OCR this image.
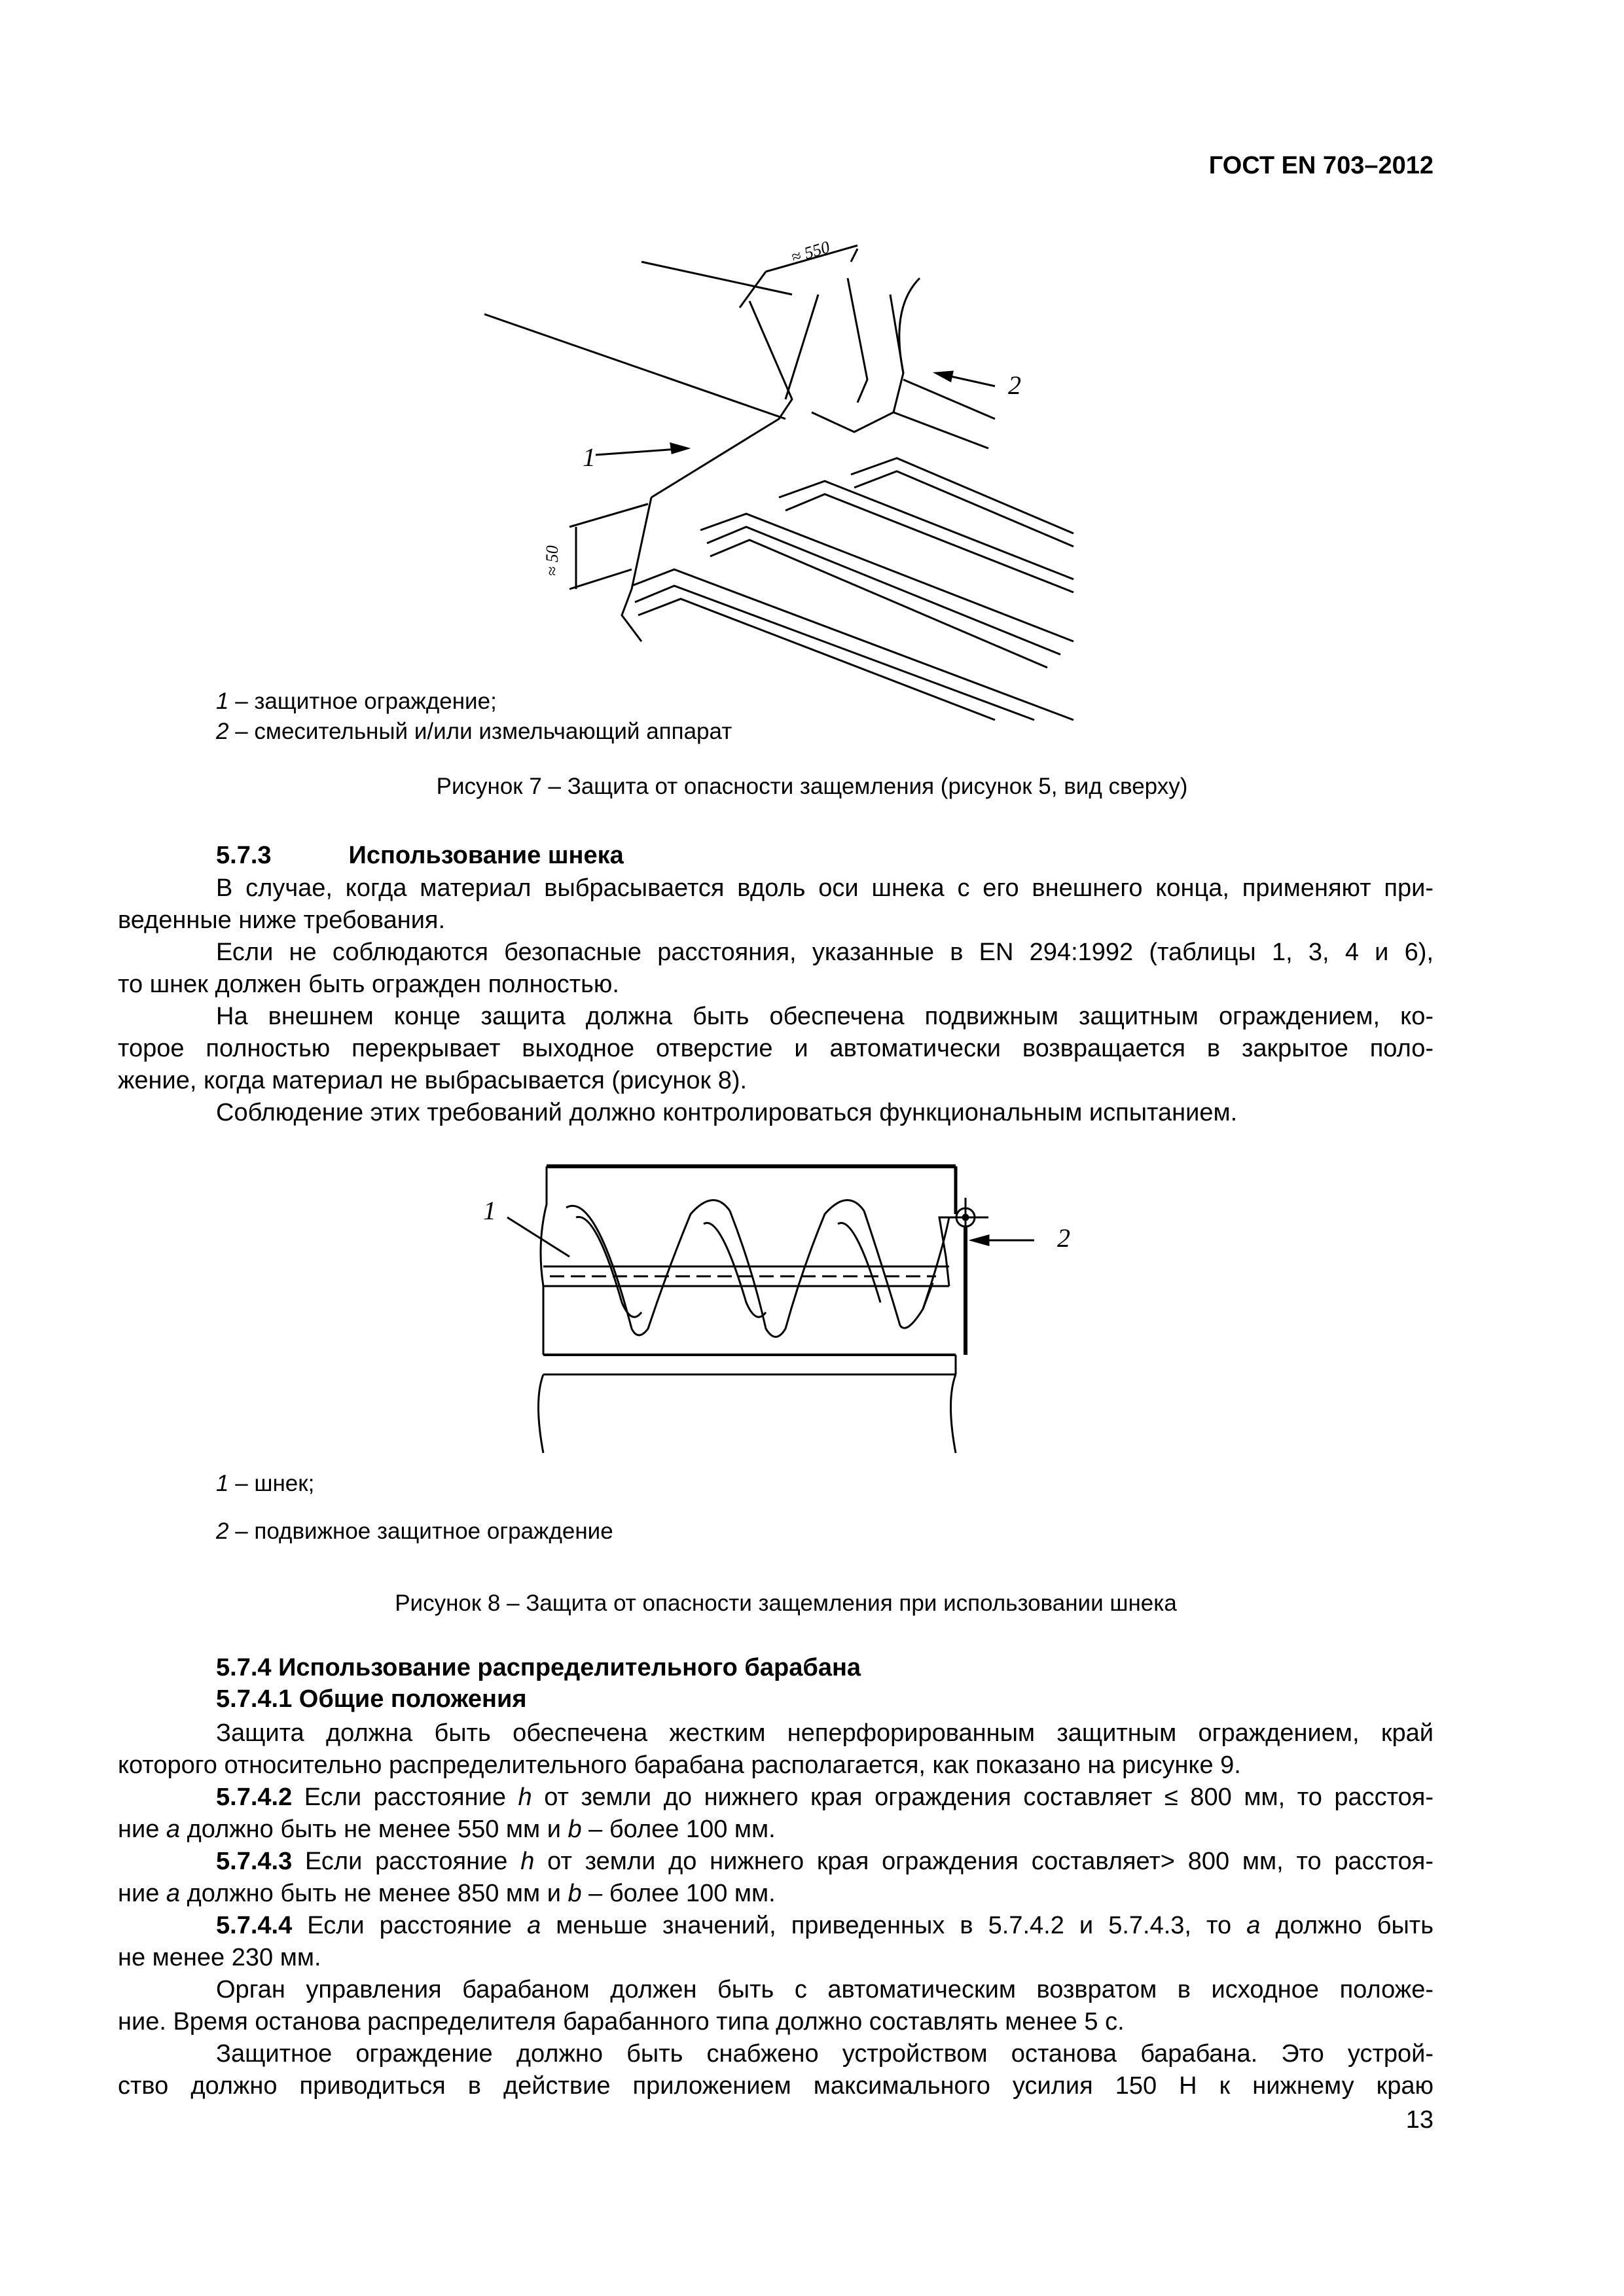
ГОСТ EN 703–2012
≈ 550
≈ 50
1
2
1 – защитное ограждение;
2 – смесительный и/или измельчающий аппарат
Рисунок 7 – Защита от опасности защемления (рисунок 5, вид сверху)
5.7.3	Использование шнека
В случае, когда материал выбрасывается вдоль оси шнека с его внешнего конца, применяют при-
веденные ниже требования.
Если не соблюдаются безопасные расстояния, указанные в EN 294:1992 (таблицы 1, 3, 4 и 6),
то шнек должен быть огражден полностью.
На внешнем конце защита должна быть обеспечена подвижным защитным ограждением, ко-
торое полностью перекрывает выходное отверстие и автоматически возвращается в закрытое поло-
жение, когда материал не выбрасывается (рисунок 8).
Соблюдение этих требований должно контролироваться функциональным испытанием.
1
2
1 – шнек;
2 – подвижное защитное ограждение
Рисунок 8 – Защита от опасности защемления при использовании шнека
5.7.4 Использование распределительного барабана
5.7.4.1 Общие положения
Защита должна быть обеспечена жестким неперфорированным защитным ограждением, край
которого относительно распределительного барабана располагается, как показано на рисунке 9.
5.7.4.2 Если расстояние h от земли до нижнего края ограждения составляет ≤ 800 мм, то расстоя-
ние a должно быть не менее 550 мм и b – более 100 мм.
5.7.4.3 Если расстояние h от земли до нижнего края ограждения составляет> 800 мм, то расстоя-
ние a должно быть не менее 850 мм и b – более 100 мм.
5.7.4.4 Если расстояние a меньше значений, приведенных в 5.7.4.2 и 5.7.4.3, то a должно быть
не менее 230 мм.
Орган управления барабаном должен быть с автоматическим возвратом в исходное положе-
ние. Время останова распределителя барабанного типа должно составлять менее 5 с.
Защитное ограждение должно быть снабжено устройством останова барабана. Это устрой-
ство должно приводиться в действие приложением максимального усилия 150 Н к нижнему краю
13
